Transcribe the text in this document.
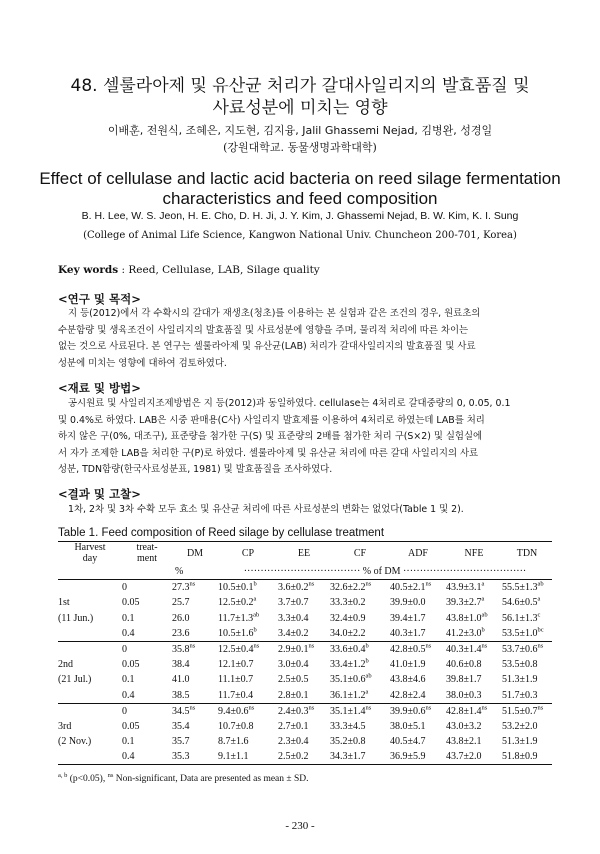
48. 셀룰라아제 및 유산균 처리가 갈대사일리지의 발효품질 및
사료성분에 미치는 영향
이배훈, 전원식, 조혜은, 지도현, 김지융, Jalil Ghassemi Nejad, 김병완, 성경일
(강원대학교. 동물생명과학대학)
Effect of cellulase and lactic acid bacteria on reed silage fermentation
characteristics and feed composition
B. H. Lee, W. S. Jeon, H. E. Cho, D. H. Ji, J. Y. Kim, J. Ghassemi Nejad, B. W. Kim, K. I. Sung
(College of Animal Life Science, Kangwon National Univ. Chuncheon 200-701, Korea)
Key words : Reed, Cellulase, LAB, Silage quality
<연구 및 목적>
지 등(2012)에서 각 수확시의 갈대가 재생초(청초)를 이용하는 본 실험과 같은 조건의 경우, 원료초의
수분함량 및 생육조건이 사일리지의 발효품질 및 사료성분에 영향을 주며, 물리적 처리에 따른 차이는
없는 것으로 사료된다. 본 연구는 셀룰라아제 및 유산균(LAB) 처리가 갈대사일리지의 발효품질 및 사료
성분에 미치는 영향에 대하여 검토하였다.
<재료 및 방법>
공시원료 및 사일리지조제방법은 지 등(2012)과 동일하였다. cellulase는 4처리로 갈대중량의 0, 0.05, 0.1
및 0.4%로 하였다. LAB은 시중 판매용(C사) 사일리지 발효제를 이용하여 4처리로 하였는데 LAB를 처리
하지 않은 구(0%, 대조구), 표준량을 첨가한 구(S) 및 표준량의 2배를 첨가한 처리 구(S×2) 및 실험실에
서 자가 조제한 LAB을 처리한 구(P)로 하였다. 셀룰라아제 및 유산균 처리에 따른 갈대 사일리지의 사료
성분, TDN함량(한국사료성분표, 1981) 및 발효품질을 조사하였다.
<결과 및 고찰>
1차, 2차 및 3차 수확 모두 효소 및 유산균 처리에 따른 사료성분의 변화는 없었다(Table 1 및 2).
Table 1. Feed composition of Reed silage by cellulase treatment
Harvest
day	treat-
ment	DM	CP	EE	CF	ADF	NFE	TDN
		%	··································· % of DM ·····································					
	0	$27.3^{ns}$	10.5±0.1$^b$	$3.6\pm 0.2^{ns}$	$32.6\pm 2.2^{ns}$	$40.5\pm 2.1^{ns}$	43.9±3.1$^a$	55.5±1.3$^{ab}$
1st	0.05	25.7	12.5±0.2$^a$	3.7±0.7	33.3±0.2	39.9±0.0	39.3±2.7$^a$	54.6±0.5$^a$
(11 Jun.)	0.1	26.0	11.7±1.3$^{ab}$	3.3±0.4	32.4±0.9	39.4±1.7	43.8±1.0$^{ab}$	56.1±1.3$^c$
	0.4	23.6	10.5±1.6$^b$	3.4±0.2	34.0±2.2	40.3±1.7	41.2±3.0$^b$	53.5±1.0$^{bc}$
	0	$35.8^{ns}$	$12.5\pm 0.4^{ns}$	$2.9\pm 0.1^{ns}$	33.6±0.4$^b$	$42.8\pm 0.5^{ns}$	$40.3\pm 1.4^{ns}$	$53.7\pm 0.6^{ns}$
2nd	0.05	38.4	12.1±0.7	3.0±0.4	33.4±1.2$^b$	41.0±1.9	40.6±0.8	53.5±0.8
(21 Jul.)	0.1	41.0	11.1±0.7	2.5±0.5	35.1±0.6$^{ab}$	43.8±4.6	39.8±1.7	51.3±1.9
	0.4	38.5	11.7±0.4	2.8±0.1	36.1±1.2$^a$	42.8±2.4	38.0±0.3	51.7±0.3
	0	$34.5^{ns}$	$9.4\pm 0.6^{ns}$	$2.4\pm 0.3^{ns}$	$35.1\pm 1.4^{ns}$	$39.9\pm 0.6^{ns}$	$42.8\pm 1.4^{ns}$	$51.5\pm 0.7^{ns}$
3rd	0.05	35.4	10.7±0.8	2.7±0.1	33.3±4.5	38.0±5.1	43.0±3.2	53.2±2.0
(2 Nov.)	0.1	35.7	8.7±1.6	2.3±0.4	35.2±0.8	40.5±4.7	43.8±2.1	51.3±1.9
	0.4	35.3	9.1±1.1	2.5±0.2	34.3±1.7	36.9±5.9	43.7±2.0	51.8±0.9
$^{a, b}$ (p<0.05), $^{ns}$ Non-significant, Data are presented as mean ± SD.
- 230 -
